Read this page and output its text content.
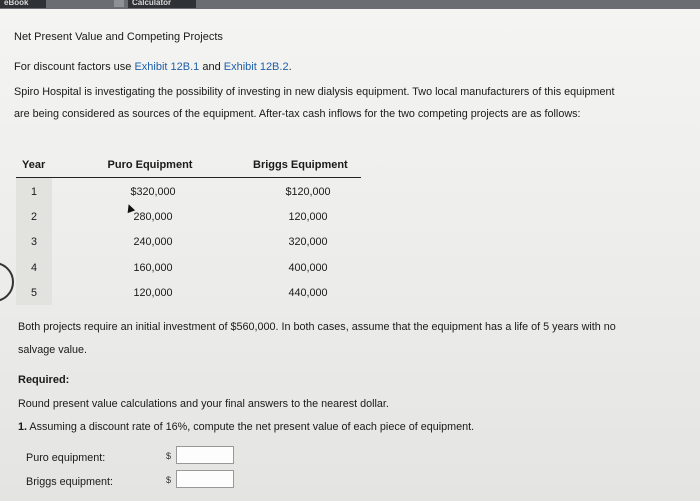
eBook	Calculator
Net Present Value and Competing Projects
For discount factors use Exhibit 12B.1 and Exhibit 12B.2.
Spiro Hospital is investigating the possibility of investing in new dialysis equipment. Two local manufacturers of this equipment
are being considered as sources of the equipment. After-tax cash inflows for the two competing projects are as follows:
Year	Puro Equipment	Briggs Equipment
1	$320,000	$120,000
2	280,000	120,000
3	240,000	320,000
4	160,000	400,000
5	120,000	440,000
Both projects require an initial investment of $560,000. In both cases, assume that the equipment has a life of 5 years with no
salvage value.
Required:
Round present value calculations and your final answers to the nearest dollar.
1. Assuming a discount rate of 16%, compute the net present value of each piece of equipment.
Puro equipment:	$
Briggs equipment:	$
